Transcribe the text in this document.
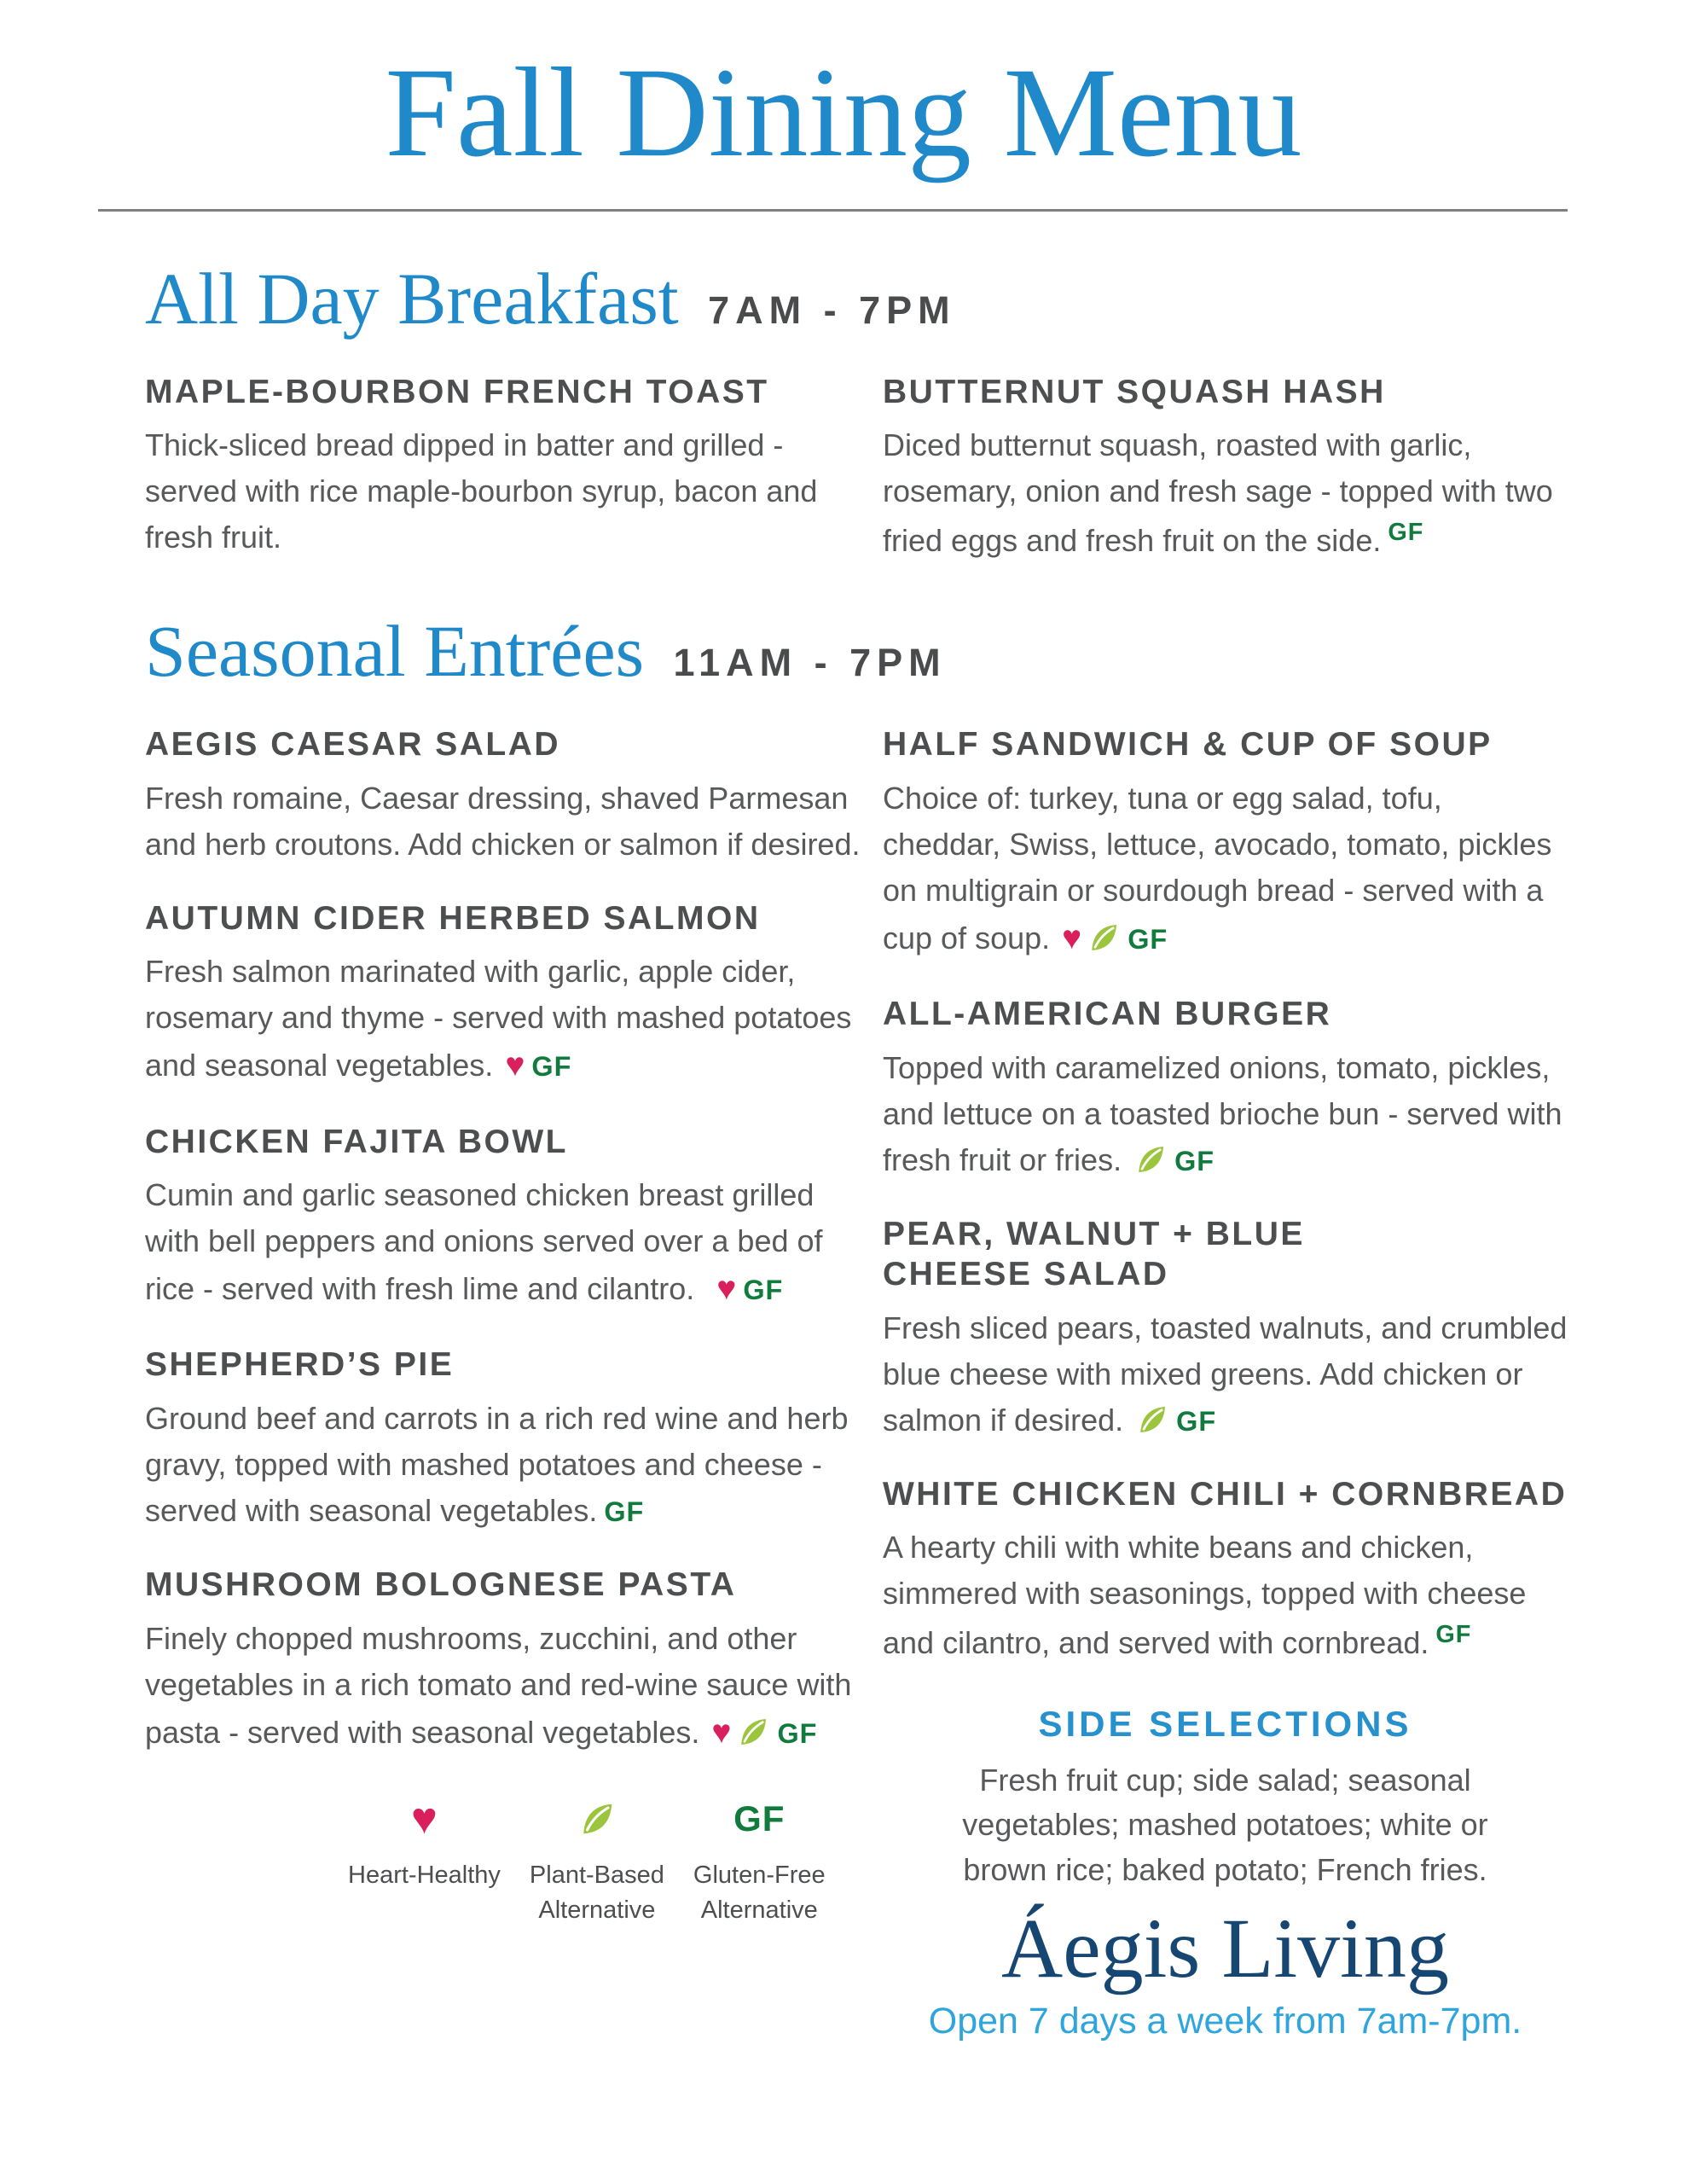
Fall Dining Menu
All Day Breakfast 7AM - 7PM
MAPLE-BOURBON FRENCH TOAST

Thick-sliced bread dipped in batter and grilled - served with rice maple-bourbon syrup, bacon and fresh fruit.

BUTTERNUT SQUASH HASH

Diced butternut squash, roasted with garlic, rosemary, onion and fresh sage - topped with two fried eggs and fresh fruit on the side. $^{GF}$

Seasonal Entrées 11AM - 7PM
AEGIS CAESAR SALAD

Fresh romaine, Caesar dressing, shaved Parmesan and herb croutons. Add chicken or salmon if desired.

AUTUMN CIDER HERBED SALMON

Fresh salmon marinated with garlic, apple cider, rosemary and thyme - served with mashed potatoes and seasonal vegetables. ♥ GF

CHICKEN FAJITA BOWL

Cumin and garlic seasoned chicken breast grilled with bell peppers and onions served over a bed of rice - served with fresh lime and cilantro. ♥ GF

SHEPHERD’S PIE

Ground beef and carrots in a rich red wine and herb gravy, topped with mashed potatoes and cheese - served with seasonal vegetables. GF

MUSHROOM BOLOGNESE PASTA

Finely chopped mushrooms, zucchini, and other vegetables in a rich tomato and red-wine sauce with pasta - served with seasonal vegetables. ♥ GF

♥
Heart-Healthy Plant-Based
Alternative
GF
Gluten-Free
Alternative
HALF SANDWICH & CUP OF SOUP

Choice of: turkey, tuna or egg salad, tofu, cheddar, Swiss, lettuce, avocado, tomato, pickles on multigrain or sourdough bread - served with a cup of soup. ♥ GF

ALL-AMERICAN BURGER

Topped with caramelized onions, tomato, pickles, and lettuce on a toasted brioche bun - served with fresh fruit or fries. GF

PEAR, WALNUT + BLUE CHEESE SALAD

Fresh sliced pears, toasted walnuts, and crumbled blue cheese with mixed greens. Add chicken or salmon if desired. GF

WHITE CHICKEN CHILI + CORNBREAD

A hearty chili with white beans and chicken, simmered with seasonings, topped with cheese and cilantro, and served with cornbread. $^{GF}$

SIDE SELECTIONS

Fresh fruit cup; side salad; seasonal vegetables; mashed potatoes; white or brown rice; baked potato; French fries.

Áegis Living
Open 7 days a week from 7am-7pm.
